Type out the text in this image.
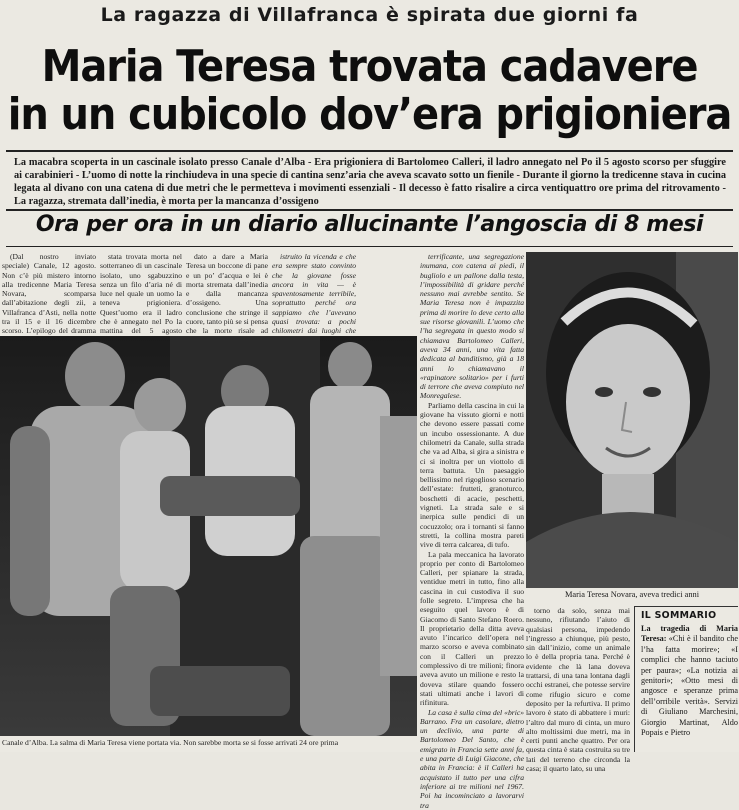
La ragazza di Villafranca è spirata due giorni fa
Maria Teresa trovata cadavere
in un cubicolo dov’era prigioniera
La macabra scoperta in un cascinale isolato presso Canale d’Alba - Era prigioniera di Bartolomeo Calleri, il ladro annegato nel Po il 5 agosto scorso per sfuggire ai carabinieri - L’uomo di notte la rinchiudeva in una specie di cantina senz’aria che aveva scavato sotto un fienile - Durante il giorno la tredicenne stava in cucina legata al divano con una catena di due metri che le permetteva i movimenti essenziali - Il decesso è fatto risalire a circa ventiquattro ore prima del ritrovamento - La ragazza, stremata dall’inedia, è morta per la mancanza d’ossigeno
Ora per ora in un diario allucinante l’angoscia di 8 mesi

(Dal nostro inviato speciale) Canale, 12 agosto. Non c’è più mistero intorno alla tredicenne Maria Teresa Novara, scomparsa dall’abitazione degli zii, a Villafranca d’Asti, nella notte tra il 15 e il 16 dicembre scorso. L’epilogo del dramma

stata trovata morta nel sotterraneo di un cascinale isolato, uno sgabuzzino senza un filo d’aria né di luce nel quale un uomo la teneva prigioniera. Quest’uomo era il ladro che è annegato nel Po la mattina del 5 agosto

dato a dare a Maria Teresa un boccone di pane e un po’ d’acqua e lei è morta stremata dall’inedia e dalla mancanza d’ossigeno. Una conclusione che stringe il cuore, tanto più se si pensa che la morte risale ad

istruito la vicenda e che era sempre stato convinto che la giovane fosse ancora in vita — è spaventosamente terribile, soprattutto perché ora sappiamo che l’avevano quasi trovata: a pochi chilometri dai luoghi che

Canale d’Alba. La salma di Maria Teresa viene portata via. Non sarebbe morta se si fosse arrivati 24 ore prima

terrificante, una segregazione inumana, con catena ai piedi, il bugliolo e un pallone dalla testa, l’impossibilità di gridare perché nessuno mai avrebbe sentito. Se Maria Teresa non è impazzita prima di morire lo deve certo alla sue risorse giovanili. L’uomo che l’ha segregata in questo modo si chiamava Bartolomeo Calleri, aveva 34 anni, una vita fatta dedicata al banditismo, già a 18 anni lo chiamavano il «rapinatore solitario» per i furti di terrore che aveva compiuto nel Monregalese.

Parliamo della cascina in cui la giovane ha vissuto giorni e notti che devono essere passati come un incubo ossessionante. A due chilometri da Canale, sulla strada che va ad Alba, si gira a sinistra e ci si inoltra per un viottolo di terra battuta. Un paesaggio bellissimo nel rigoglioso scenario dell’estate: frutteti, granoturco, boschetti di acacie, peschetti, vigneti. La strada sale e si inerpica sulle pendici di un cocuzzolo; ora i tornanti si fanno stretti, la collina mostra pareti vive di terra calcarea, di tufo.

La pala meccanica ha lavorato proprio per conto di Bartolomeo Calleri, per spianare la strada, ventidue metri in tutto, fino alla cascina in cui custodiva il suo folle segreto. L’impresa che ha eseguito quel lavoro è di Giacomo di Santo Stefano Roero. Il proprietario della ditta aveva avuto l’incarico dell’opera nel marzo scorso e aveva combinato con il Calleri un prezzo complessivo di tre milioni; finora aveva avuto un milione e resto la doveva stilare quando fossero stati ultimati anche i lavori di rifinitura.

La casa è sulla cima del «bric» Barrano. Fra un casolare, dietro un declivio, una parte di Bartolomeo Del Santo, che è emigrato in Francia sette anni fa, e una parte di Luigi Giacone, che abita in Francia: è il Calleri ha acquistato il tutto per una cifra inferiore ai tre milioni nel 1967. Poi ha incominciato a lavorarvi tra

Maria Teresa Novara, aveva tredici anni

torno da solo, senza mai nessuno, rifiutando l’aiuto di qualsiasi persona, impedendo l’ingresso a chiunque, più pesto, sin dall’inizio, come un animale lo è della propria tana. Perché è evidente che là lana doveva trattarsi, di una tana lontana dagli occhi estranei, che potesse servire come rifugio sicuro e come deposito per la refurtiva. Il primo lavoro è stato di abbattere i muri: l’altro dal muro di cinta, un muro alto moltissimi due metri, ma in certi punti anche quattro. Per ora questa cinta è stata costruita su tre lati del terreno che circonda la casa; il quarto lato, su una

IL SOMMARIO
La tragedia di Maria Teresa: «Chi è il bandito che l’ha fatta morire»; «I complici che hanno taciuto per paura»; «La notizia ai genitori»; «Otto mesi di angosce e speranze prima dell’orribile verità». Servizi di Giuliano Marchesini, Giorgio Martinat, Aldo Popais e Pietro
